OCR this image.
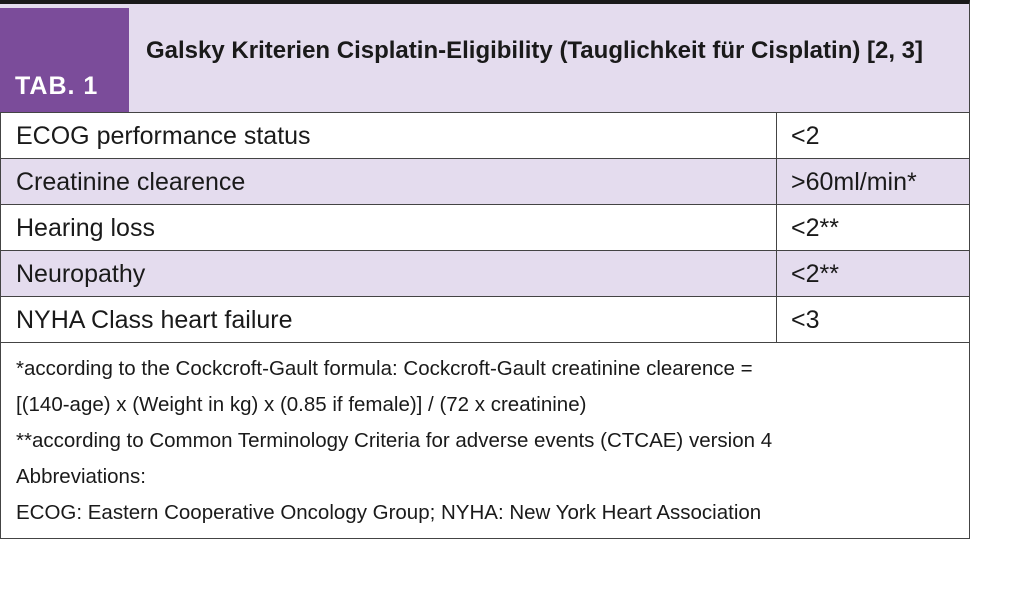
TAB. 1
Galsky Kriterien Cisplatin-Eligibility (Tauglichkeit für Cisplatin) [2, 3]
ECOG performance status	<2
Creatinine clearence	>60ml/min*
Hearing loss	<2**
Neuropathy	<2**
NYHA Class heart failure	<3
*according to the Cockcroft-Gault formula: Cockcroft-Gault creatinine clearence =
[(140-age) x (Weight in kg) x (0.85 if female)] / (72 x creatinine)
**according to Common Terminology Criteria for adverse events (CTCAE) version 4
Abbreviations:
ECOG: Eastern Cooperative Oncology Group; NYHA: New York Heart Association
